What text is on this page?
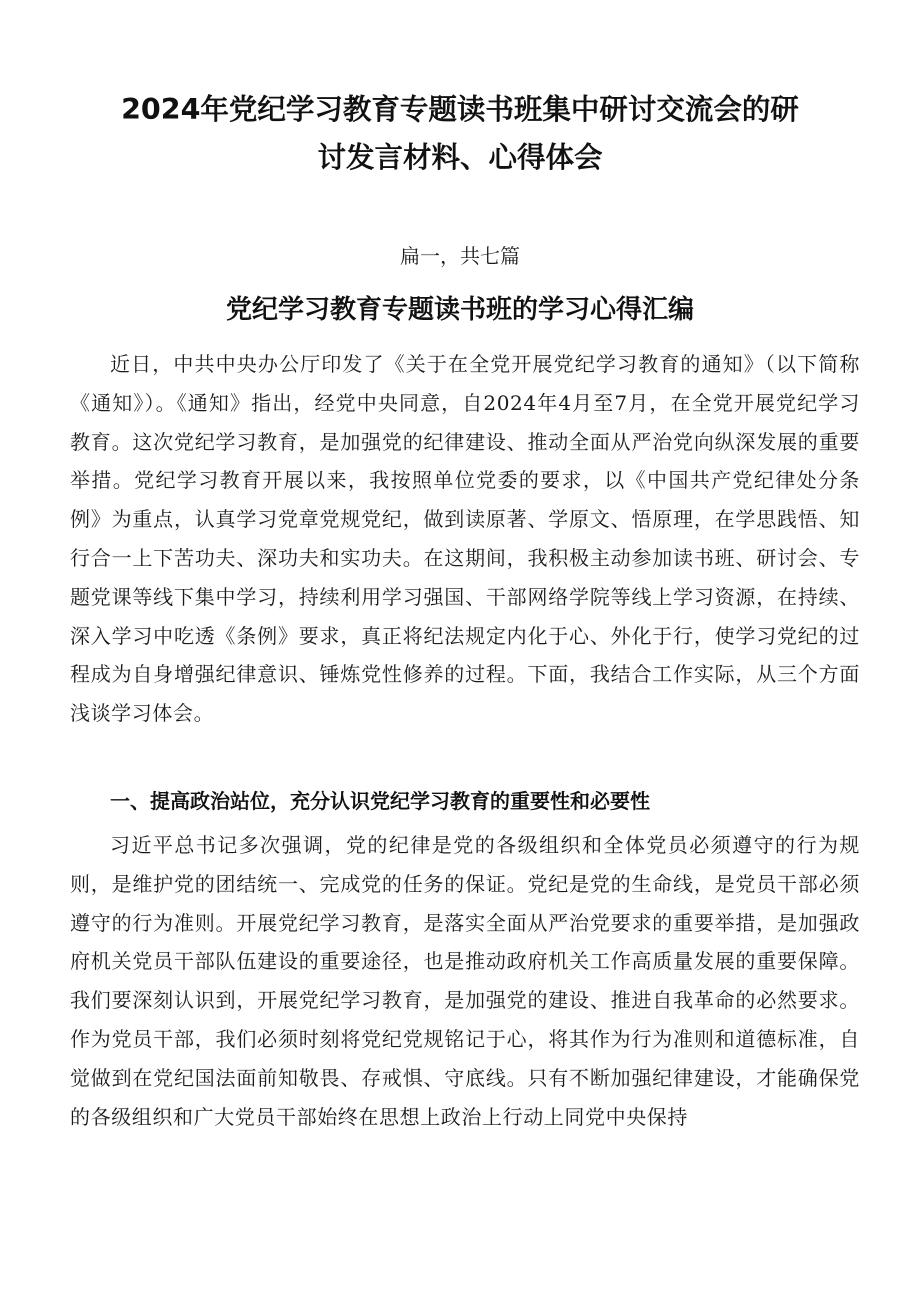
2024年党纪学习教育专题读书班集中研讨交流会的研
讨发言材料、心得体会
扁一，共七篇
党纪学习教育专题读书班的学习心得汇编

近日，中共中央办公厅印发了《关于在全党开展党纪学习教育的通知》（以下简称《通知》）。《通知》指出，经党中央同意，自2024年4月至7月，在全党开展党纪学习教育。这次党纪学习教育，是加强党的纪律建设、推动全面从严治党向纵深发展的重要举措。党纪学习教育开展以来，我按照单位党委的要求，以《中国共产党纪律处分条例》为重点，认真学习党章党规党纪，做到读原著、学原文、悟原理，在学思践悟、知行合一上下苦功夫、深功夫和实功夫。在这期间，我积极主动参加读书班、研讨会、专题党课等线下集中学习，持续利用学习强国、干部网络学院等线上学习资源，在持续、深入学习中吃透《条例》要求，真正将纪法规定内化于心、外化于行，使学习党纪的过程成为自身增强纪律意识、锤炼党性修养的过程。下面，我结合工作实际，从三个方面浅谈学习体会。

一、提高政治站位，充分认识党纪学习教育的重要性和必要性

习近平总书记多次强调，党的纪律是党的各级组织和全体党员必须遵守的行为规则，是维护党的团结统一、完成党的任务的保证。党纪是党的生命线，是党员干部必须遵守的行为准则。开展党纪学习教育，是落实全面从严治党要求的重要举措，是加强政府机关党员干部队伍建设的重要途径，也是推动政府机关工作高质量发展的重要保障。我们要深刻认识到，开展党纪学习教育，是加强党的建设、推进自我革命的必然要求。作为党员干部，我们必须时刻将党纪党规铭记于心，将其作为行为准则和道德标准，自觉做到在党纪国法面前知敬畏、存戒惧、守底线。只有不断加强纪律建设，才能确保党的各级组织和广大党员干部始终在思想上政治上行动上同党中央保持
